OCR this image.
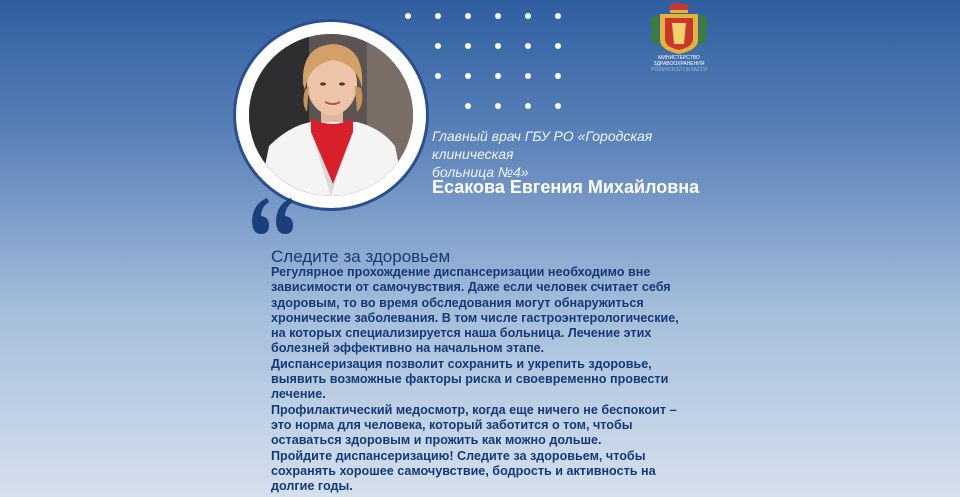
МИНИСТЕРСТВО
ЗДРАВООХРАНЕНИЯ
РЯЗАНСКОЙ ОБЛАСТИ
Главный врач ГБУ РО «Городская клиническая
больница №4»
Есакова Евгения Михайловна
Следите за здоровьем
Регулярное прохождение диспансеризации необходимо вне
зависимости от самочувствия. Даже если человек считает себя
здоровым, то во время обследования могут обнаружиться
хронические заболевания. В том числе гастроэнтерологические,
на которых специализируется наша больница. Лечение этих
болезней эффективно на начальном этапе.
Диспансеризация позволит сохранить и укрепить здоровье,
выявить возможные факторы риска и своевременно провести
лечение.
Профилактический медосмотр, когда еще ничего не беспокоит –
это норма для человека, который заботится о том, чтобы
оставаться здоровым и прожить как можно дольше.
Пройдите диспансеризацию! Следите за здоровьем, чтобы
сохранять хорошее самочувствие, бодрость и активность на
долгие годы.
